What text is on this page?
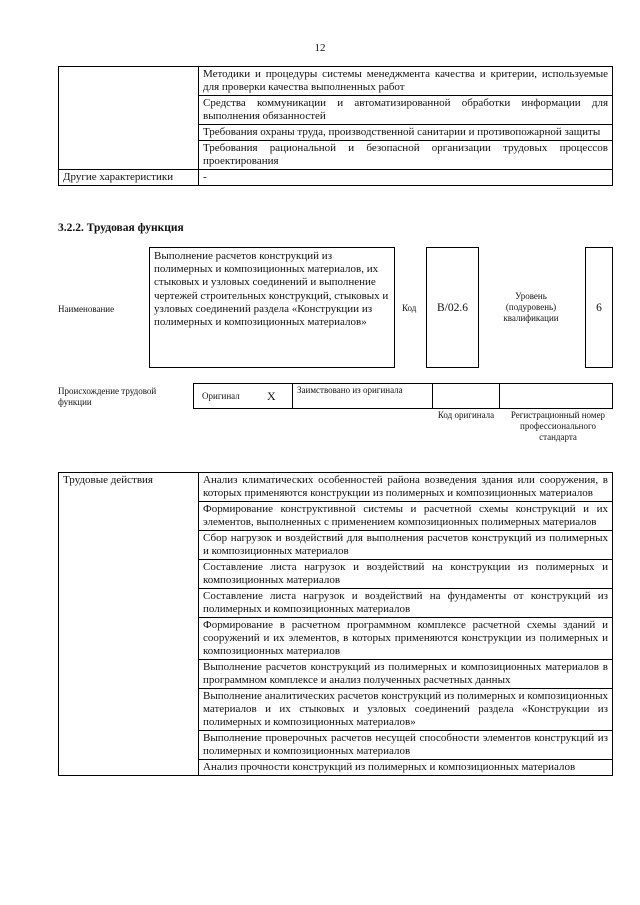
12
	Методики и процедуры системы менеджмента качества и критерии, используемые для проверки качества выполненных работ
	Средства коммуникации и автоматизированной обработки информации для выполнения обязанностей
	Требования охраны труда, производственной санитарии и противопожарной защиты
	Требования рациональной и безопасной организации трудовых процессов проектирования
Другие характеристики	-
3.2.2. Трудовая функция
Наименование
Выполнение расчетов конструкций из полимерных и композиционных материалов, их стыковых и узловых соединений и выполнение чертежей строительных конструкций, стыковых и узловых соединений раздела «Конструкции из полимерных и композиционных материалов»
Код	B/02.6
Уровень (подуровень) квалификации
6
Происхождение трудовой функции
Оригинал X Заимствовано из оригинала
Код оригинала	Регистрационный номер профессионального стандарта
Трудовые действия	Анализ климатических особенностей района возведения здания или сооружения, в которых применяются конструкции из полимерных и композиционных материалов
Формирование конструктивной системы и расчетной схемы конструкций и их элементов, выполненных с применением композиционных полимерных материалов
Сбор нагрузок и воздействий для выполнения расчетов конструкций из полимерных и композиционных материалов
Составление листа нагрузок и воздействий на конструкции из полимерных и композиционных материалов
Составление листа нагрузок и воздействий на фундаменты от конструкций из полимерных и композиционных материалов
Формирование в расчетном программном комплексе расчетной схемы зданий и сооружений и их элементов, в которых применяются конструкции из полимерных и композиционных материалов
Выполнение расчетов конструкций из полимерных и композиционных материалов в программном комплексе и анализ полученных расчетных данных
Выполнение аналитических расчетов конструкций из полимерных и композиционных материалов и их стыковых и узловых соединений раздела «Конструкции из полимерных и композиционных материалов»
Выполнение проверочных расчетов несущей способности элементов конструкций из полимерных и композиционных материалов
Анализ прочности конструкций из полимерных и композиционных материалов
